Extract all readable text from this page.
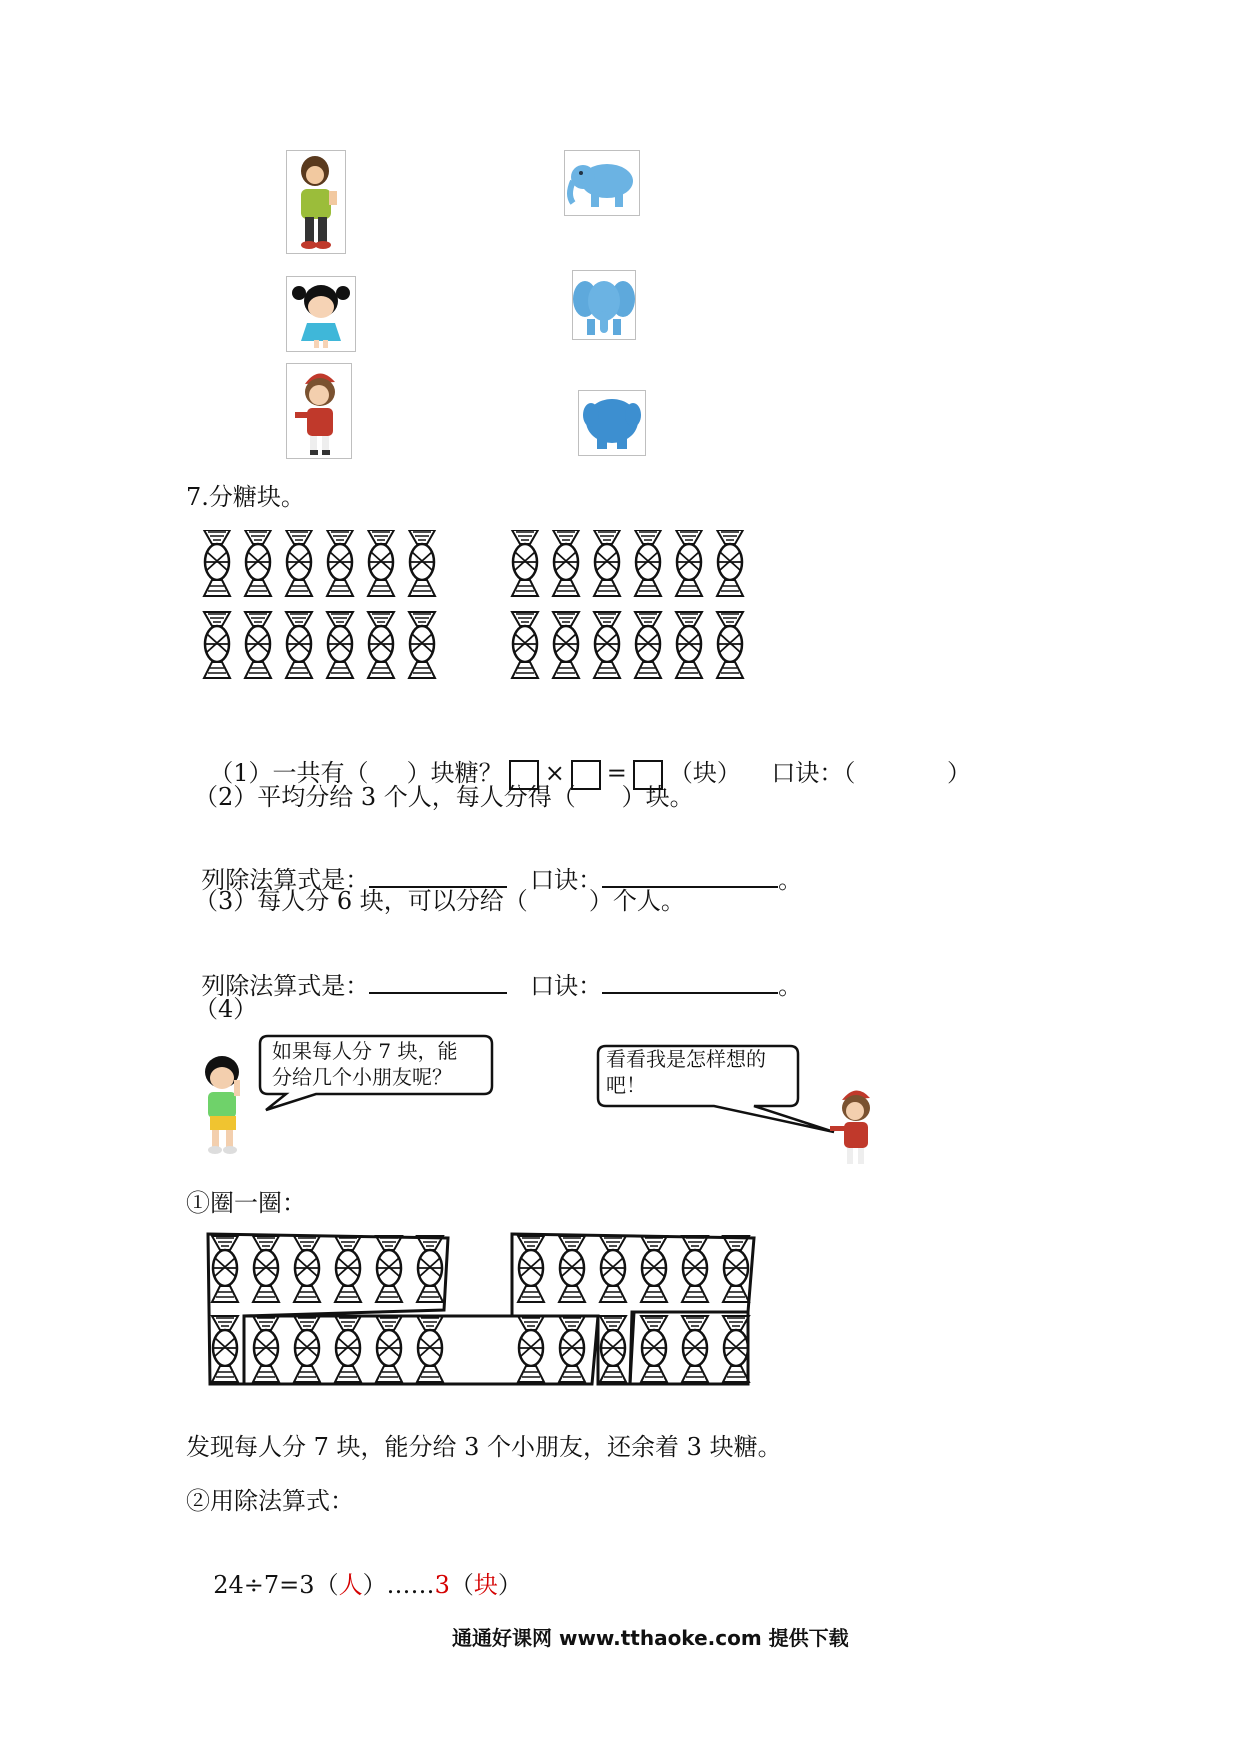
7.分糖块。

（1）一共有（     ）块糖？ × = （块） 口诀：（	）

（2）平均分给 3 个人，每人分得（      ）块。

列除法算式是：	口诀：	。

（3）每人分 6 块，可以分给（        ）个人。

列除法算式是：	口诀：	。

（4）
如果每人分 7 块，能
分给几个小朋友呢？
看看我是怎样想的
吧！
①圈一圈：
发现每人分 7 块，能分给 3 个小朋友，还余着 3 块糖。
②用除法算式：

24÷7=3（人）……3（块）

通通好课网 www.tthaoke.com 提供下载
